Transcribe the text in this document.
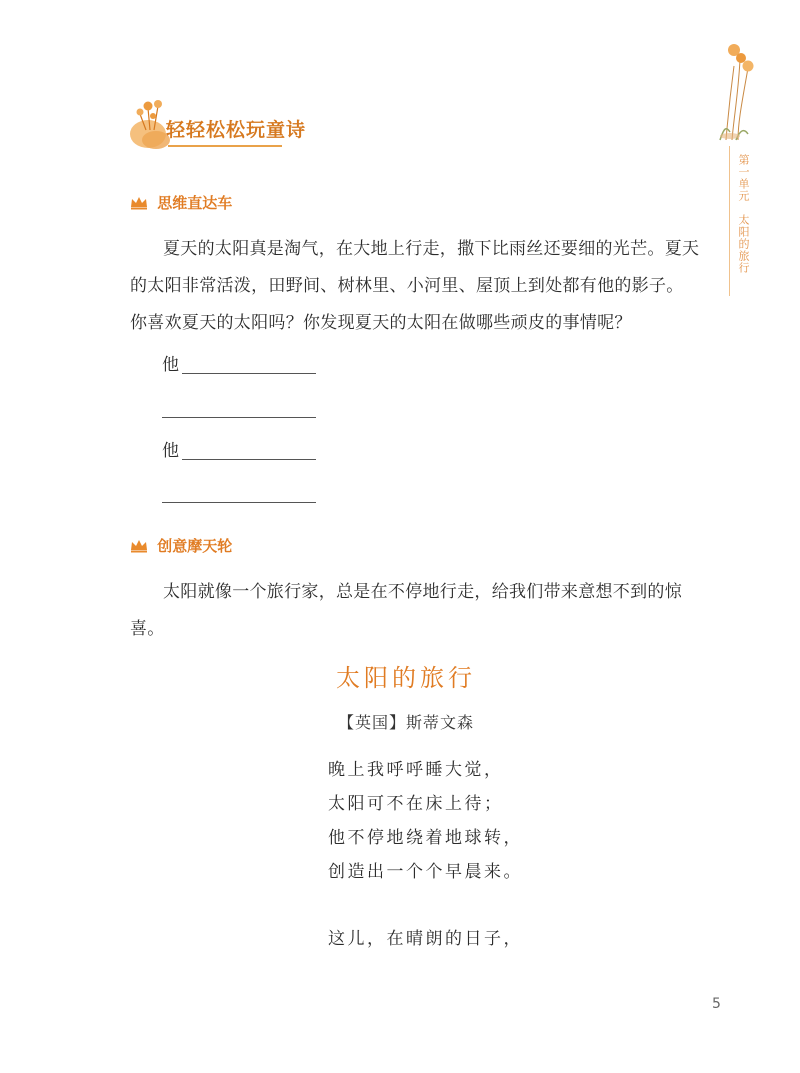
轻轻松松玩童诗
第一单元太阳的旅行
思维直达车
夏天的太阳真是淘气，在大地上行走，撒下比雨丝还要细的光芒。夏天的太阳非常活泼，田野间、树林里、小河里、屋顶上到处都有他的影子。你喜欢夏天的太阳吗？你发现夏天的太阳在做哪些顽皮的事情呢？
他
他
创意摩天轮
太阳就像一个旅行家，总是在不停地行走，给我们带来意想不到的惊喜。
太阳的旅行
【英国】斯蒂文森
晚上我呼呼睡大觉，
太阳可不在床上待；
他不停地绕着地球转，
创造出一个个早晨来。
这儿，在晴朗的日子，
5
